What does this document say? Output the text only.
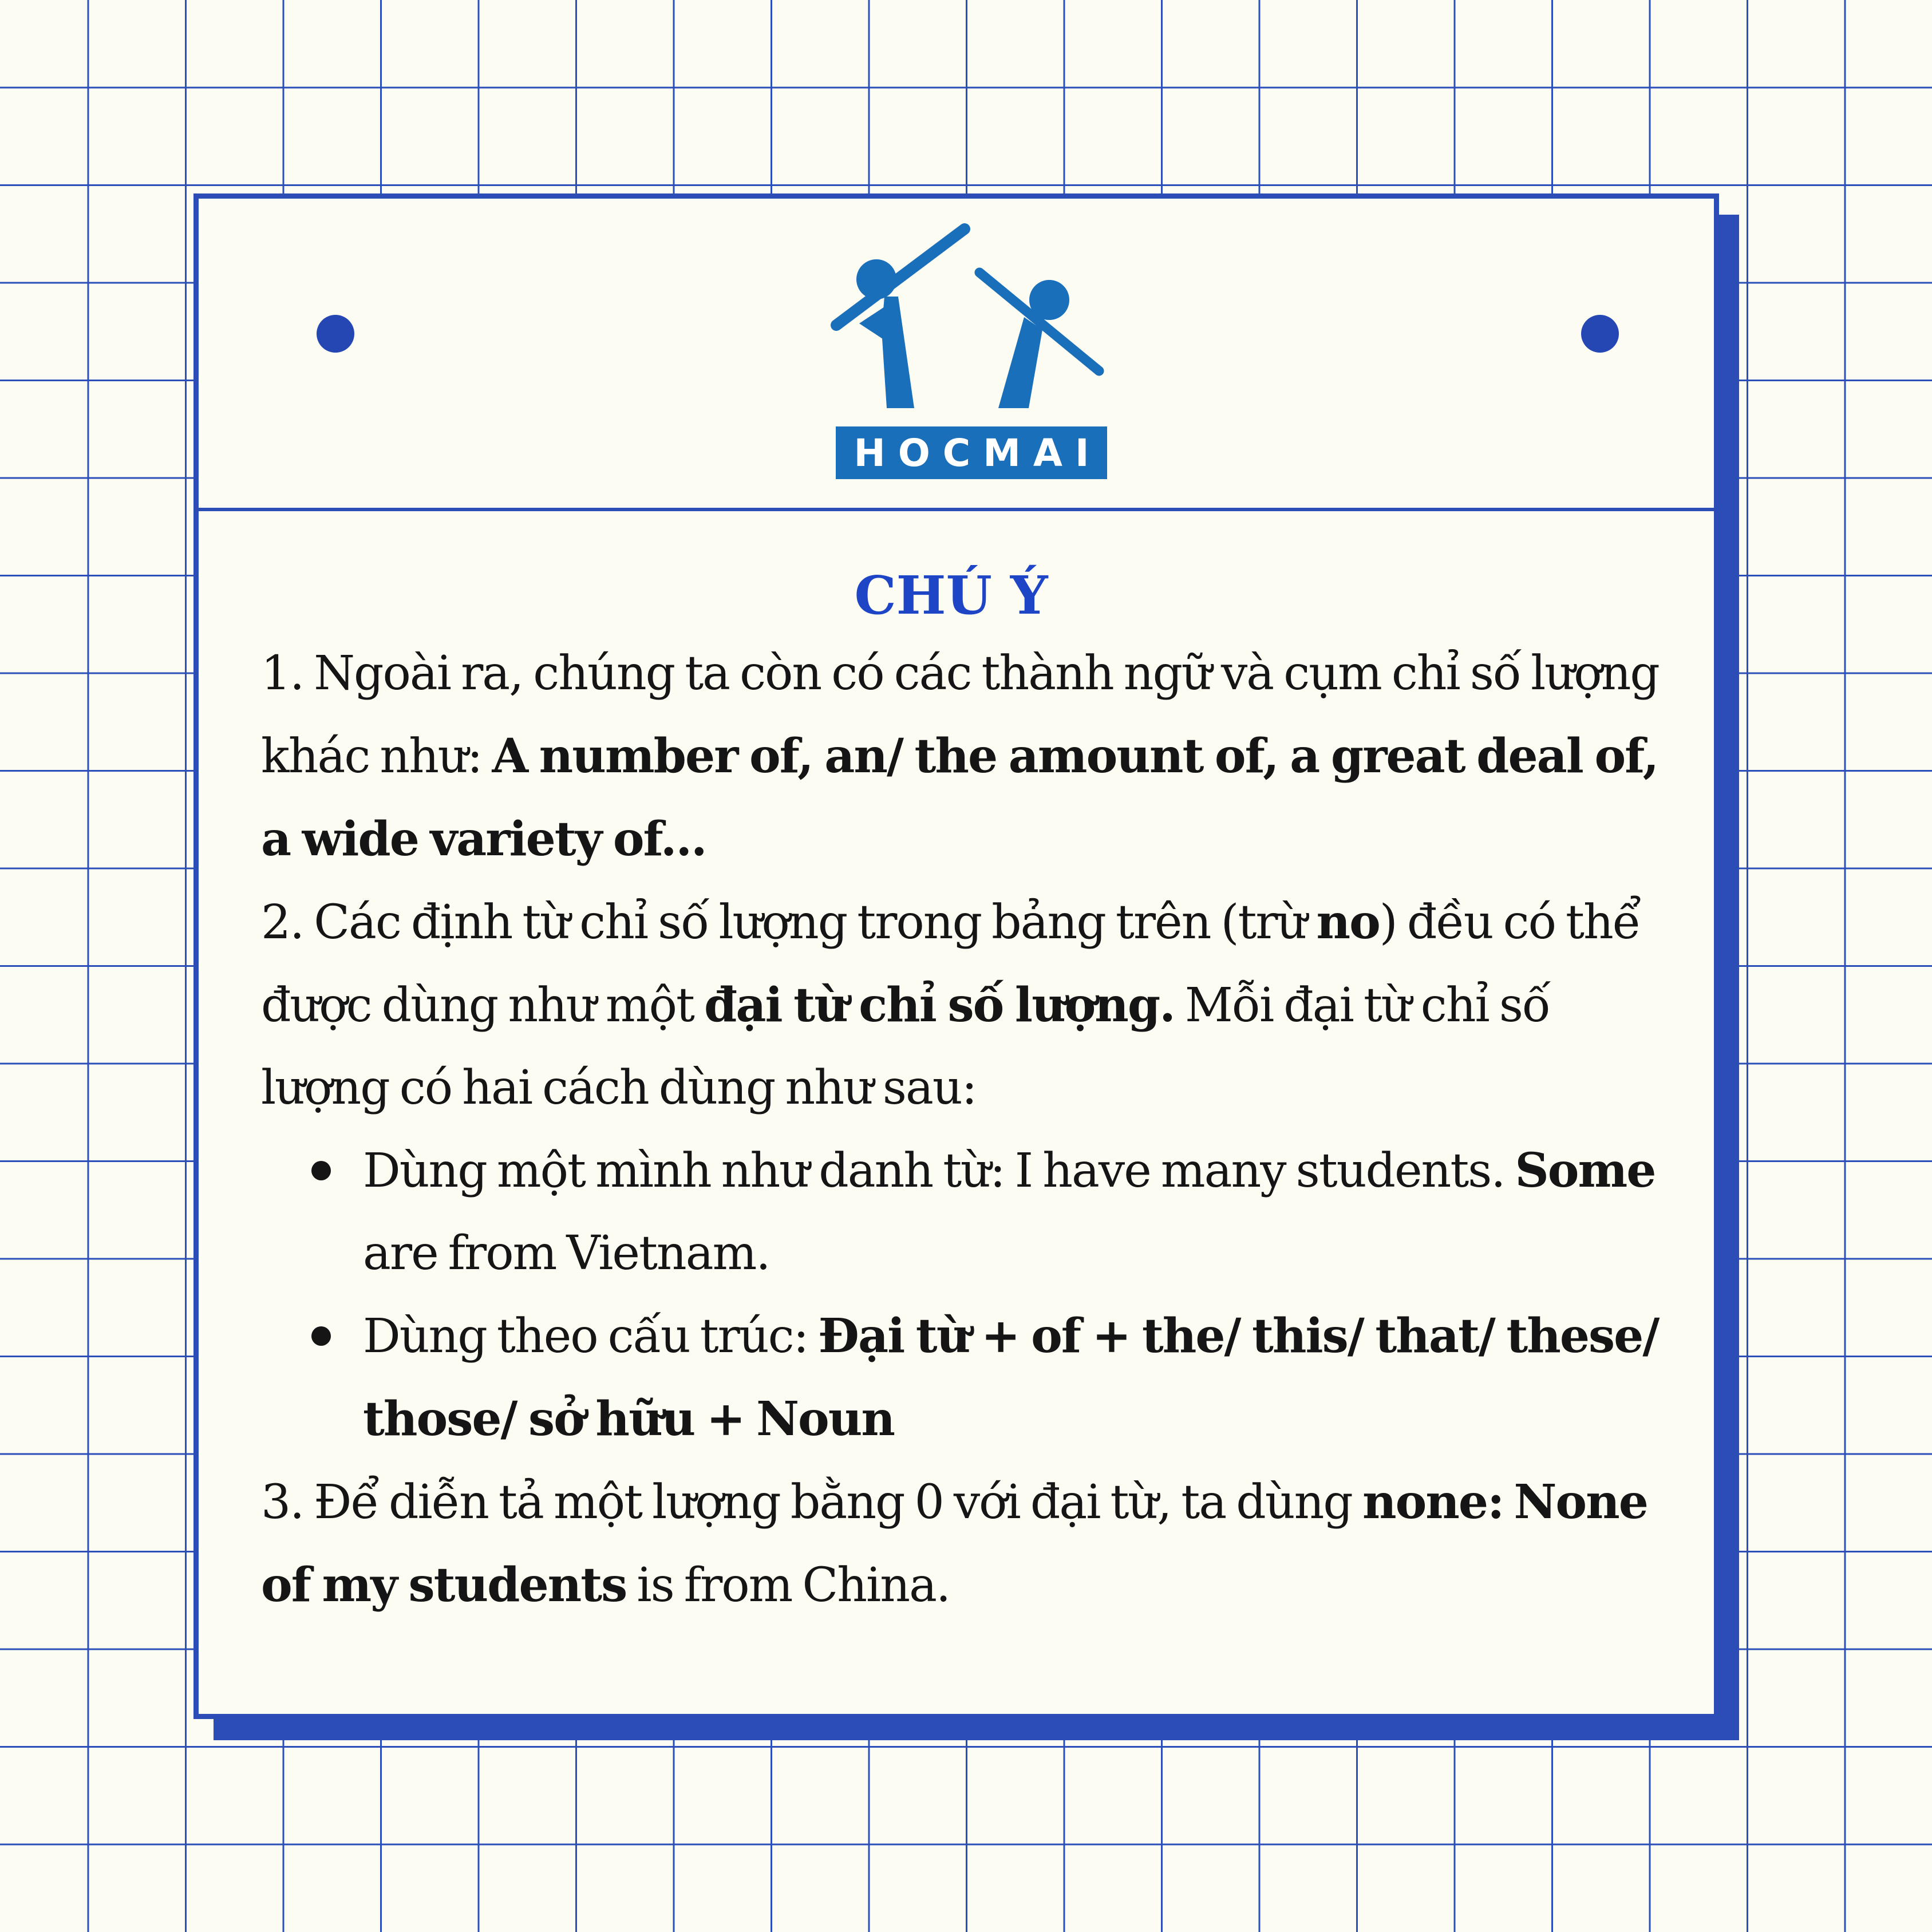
HOCMAI
CHÚ Ý

1. Ngoài ra, chúng ta còn có các thành ngữ và cụm chỉ số lượng khác như: A number of, an/ the amount of, a great deal of, a wide variety of...

2. Các định từ chỉ số lượng trong bảng trên (trừ no) đều có thể được dùng như một đại từ chỉ số lượng. Mỗi đại từ chỉ số lượng có hai cách dùng như sau:

Dùng một mình như danh từ: I have many students. Some are from Vietnam.
Dùng theo cấu trúc: Đại từ + of + the/ this/ that/ these/ those/ sở hữu + Noun

3. Để diễn tả một lượng bằng 0 với đại từ, ta dùng none: None of my students is from China.
